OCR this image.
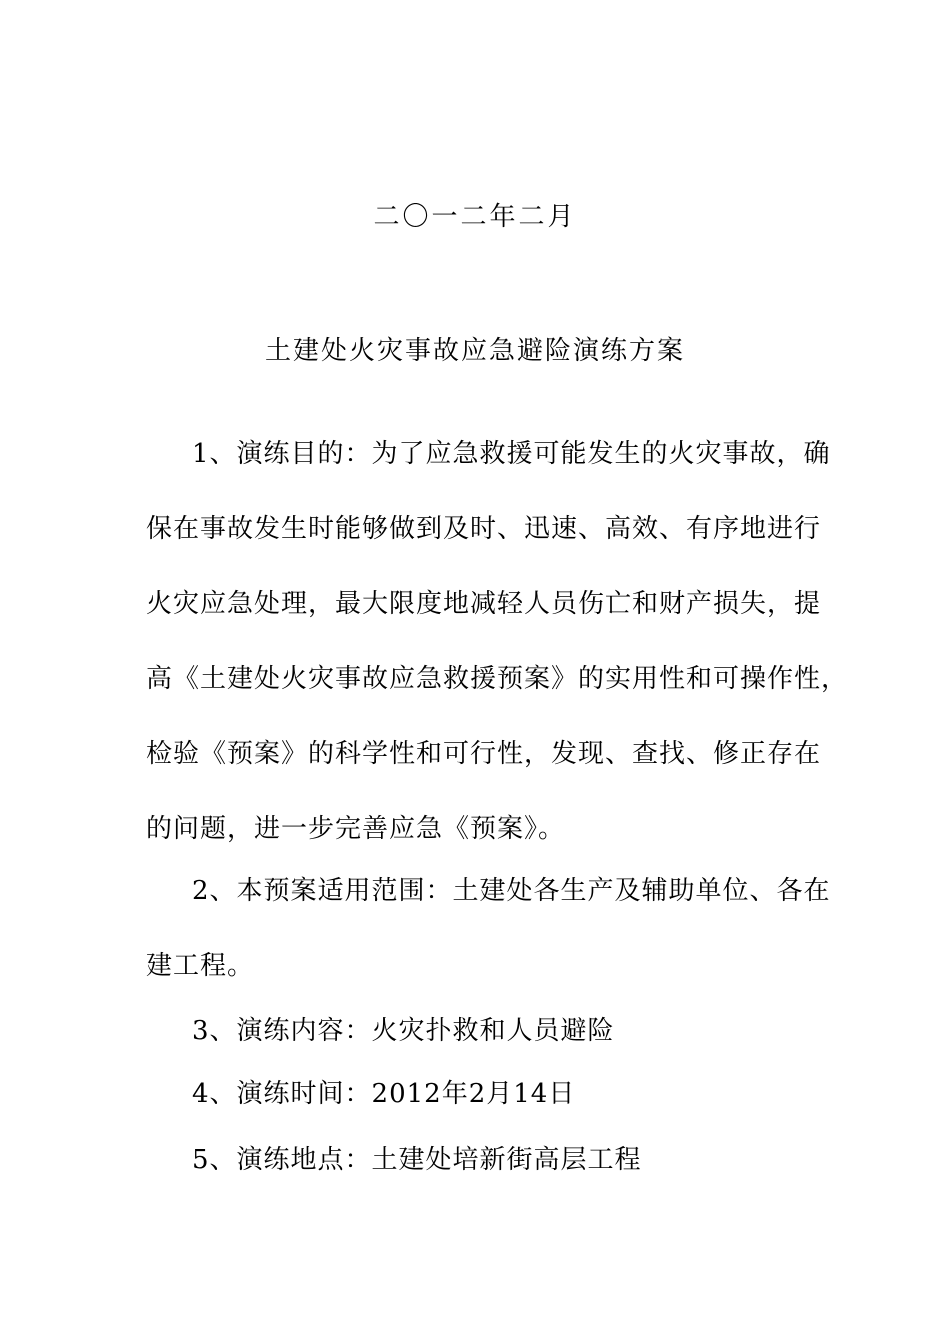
二〇一二年二月
土建处火灾事故应急避险演练方案
1、演练目的：为了应急救援可能发生的火灾事故，确
保在事故发生时能够做到及时、迅速、高效、有序地进行
火灾应急处理，最大限度地减轻人员伤亡和财产损失，提
高《土建处火灾事故应急救援预案》的实用性和可操作性，
检验《预案》的科学性和可行性，发现、查找、修正存在
的问题，进一步完善应急《预案》。
2、本预案适用范围：土建处各生产及辅助单位、各在
建工程。
3、演练内容：火灾扑救和人员避险
4、演练时间：2012年2月14日
5、演练地点：土建处培新街高层工程
